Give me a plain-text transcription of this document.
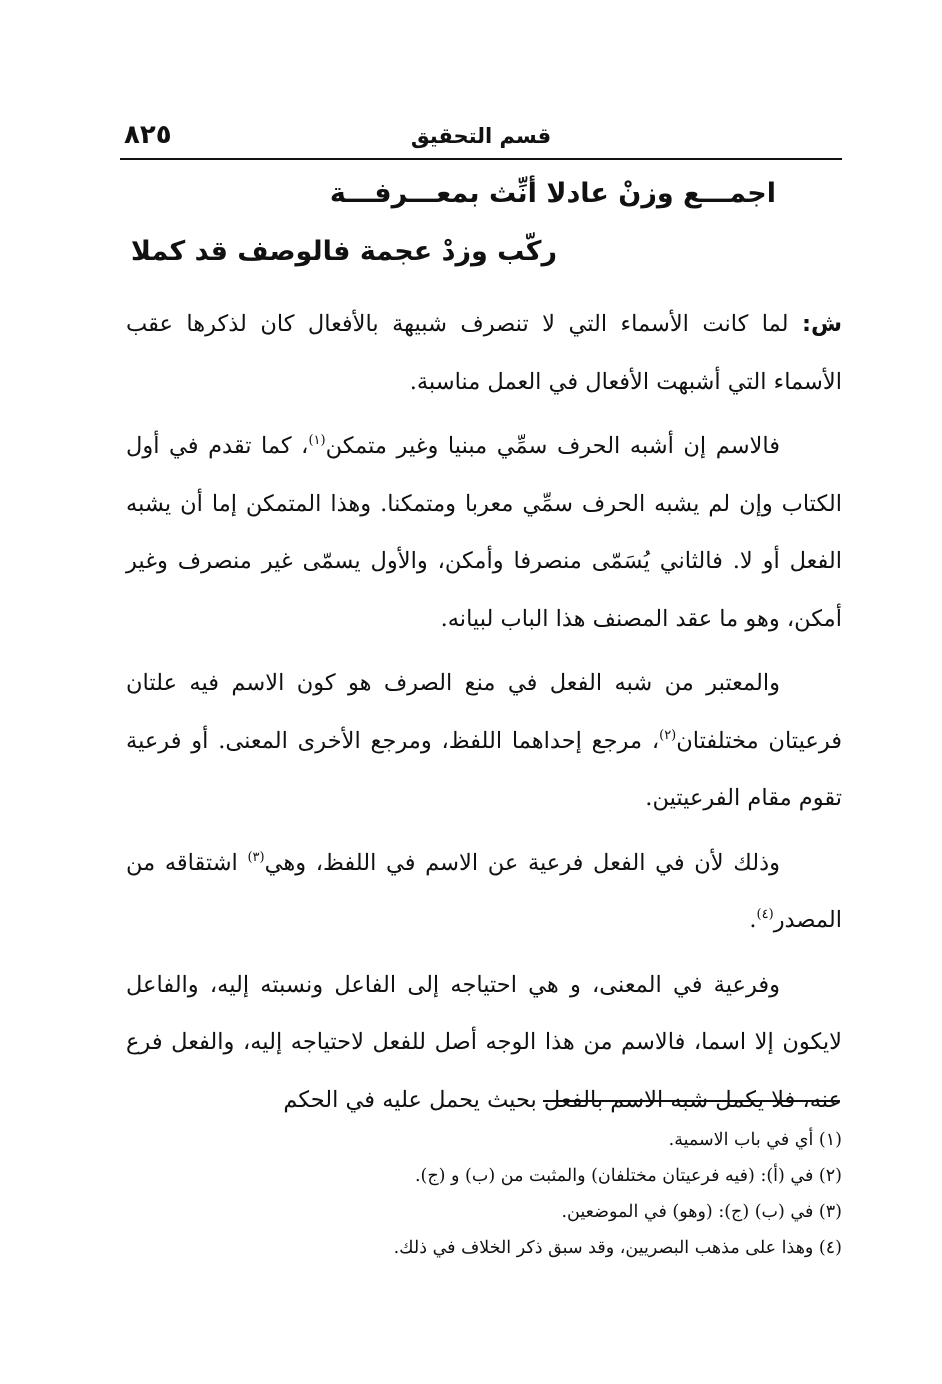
٨٢٥	قسم التحقيق
اجمـــع وزنْ عادلا أنِّث بمعـــرفـــة
ركّب وزدْ عجمة فالوصف قد كملا

ش: لما كانت الأسماء التي لا تنصرف شبيهة بالأفعال كان لذكرها عقب الأسماء التي أشبهت الأفعال في العمل مناسبة.

فالاسم إن أشبه الحرف سمِّي مبنيا وغير متمكن$^{(١)}$، كما تقدم في أول الكتاب وإن لم يشبه الحرف سمِّي معربا ومتمكنا. وهذا المتمكن إما أن يشبه الفعل أو لا. فالثاني يُسَمّى منصرفا وأمكن، والأول يسمّى غير منصرف وغير أمكن، وهو ما عقد المصنف هذا الباب لبيانه.

والمعتبر من شبه الفعل في منع الصرف هو كون الاسم فيه علتان فرعيتان مختلفتان$^{(٢)}$، مرجع إحداهما اللفظ، ومرجع الأخرى المعنى. أو فرعية تقوم مقام الفرعيتين.

وذلك لأن في الفعل فرعية عن الاسم في اللفظ، وهي$^{(٣)}$ اشتقاقه من المصدر$^{(٤)}$.

وفرعية في المعنى، و هي احتياجه إلى الفاعل ونسبته إليه، والفاعل لايكون إلا اسما، فالاسم من هذا الوجه أصل للفعل لاحتياجه إليه، والفعل فرع عنه، فلا يكمل شبه الاسم بالفعل بحيث يحمل عليه في الحكم

(١) أي في باب الاسمية.
(٢) في (أ): (فيه فرعيتان مختلفان) والمثبت من (ب) و (ج).
(٣) في (ب) (ج): (وهو) في الموضعين.
(٤) وهذا على مذهب البصريين، وقد سبق ذكر الخلاف في ذلك.
